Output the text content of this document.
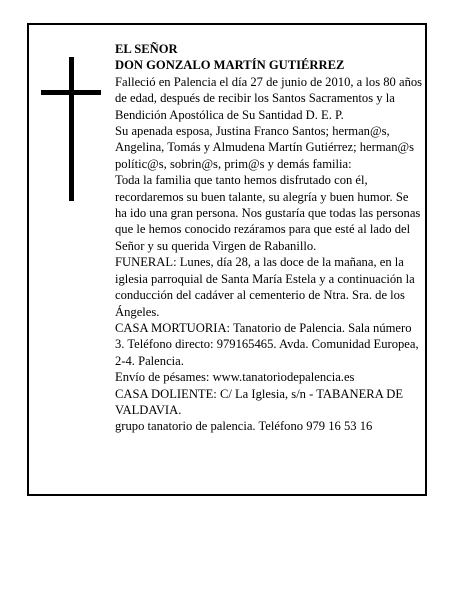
EL SEÑOR

DON GONZALO MARTÍN GUTIÉRREZ

Falleció en Palencia el día 27 de junio de 2010, a los 80 años de edad, después de recibir los Santos Sacramentos y la Bendición Apostólica de Su Santidad D. E. P.

Su apenada esposa, Justina Franco Santos; herman@s, Angelina, Tomás y Almudena Martín Gutiérrez; herman@s polític@s, sobrin@s, prim@s y demás familia:

Toda la familia que tanto hemos disfrutado con él, recordaremos su buen talante, su alegría y buen humor. Se ha ido una gran persona. Nos gustaría que todas las personas que le hemos conocido rezáramos para que esté al lado del Señor y su querida Virgen de Rabanillo.

FUNERAL: Lunes, día 28, a las doce de la mañana, en la iglesia parroquial de Santa María Estela y a continuación la conducción del cadáver al cementerio de Ntra. Sra. de los Ángeles.

CASA MORTUORIA: Tanatorio de Palencia. Sala número 3. Teléfono directo: 979165465. Avda. Comunidad Europea, 2-4. Palencia.

Envío de pésames: www.tanatoriodepalencia.es

CASA DOLIENTE: C/ La Iglesia, s/n - TABANERA DE VALDAVIA.

grupo tanatorio de palencia. Teléfono 979 16 53 16
